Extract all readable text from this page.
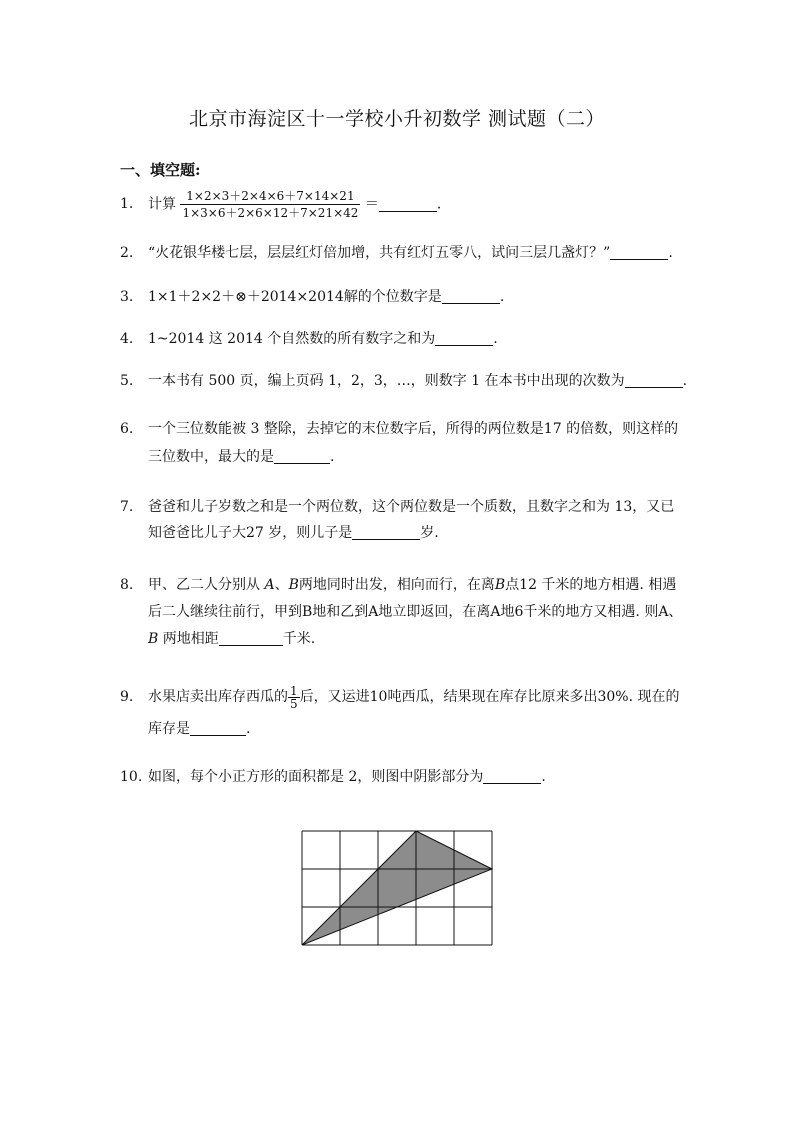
北京市海淀区十一学校小升初数学 测试题（二）
一、填空题:
1.	计算 $\frac{1\times 2\times 3+2\times 4\times 6+7\times 14\times 21}{1\times 3\times 6+2\times 6\times 12+7\times 21\times 42}$ ＝	.
2.	“火花银华楼七层，层层红灯倍加增，共有红灯五零八，试问三层几盏灯？”	.
3.	1×1＋2×2＋⊗＋2014×2014解的个位数字是	.
4.	1~2014 这 2014 个自然数的所有数字之和为	.
5.	一本书有 500 页，编上页码 1，2，3，…，则数字 1 在本书中出现的次数为	.
6.	一个三位数能被 3 整除，去掉它的末位数字后，所得的两位数是17 的倍数，则这样的
三位数中，最大的是	.
7.	爸爸和儿子岁数之和是一个两位数，这个两位数是一个质数，且数字之和为 13，又已
知爸爸比儿子大27 岁，则儿子是	岁.
8.	甲、乙二人分别从 A、B两地同时出发，相向而行，在离B点12 千米的地方相遇. 相遇
后二人继续往前行，甲到B地和乙到A地立即返回，在离A地6千米的地方又相遇. 则A、
B 两地相距	千米.
9.	水果店卖出库存西瓜的 $\frac{1}{5}$ 后，又运进10吨西瓜，结果现在库存比原来多出30%. 现在的
库存是	.
10. 如图，每个小正方形的面积都是 2，则图中阴影部分为	.
